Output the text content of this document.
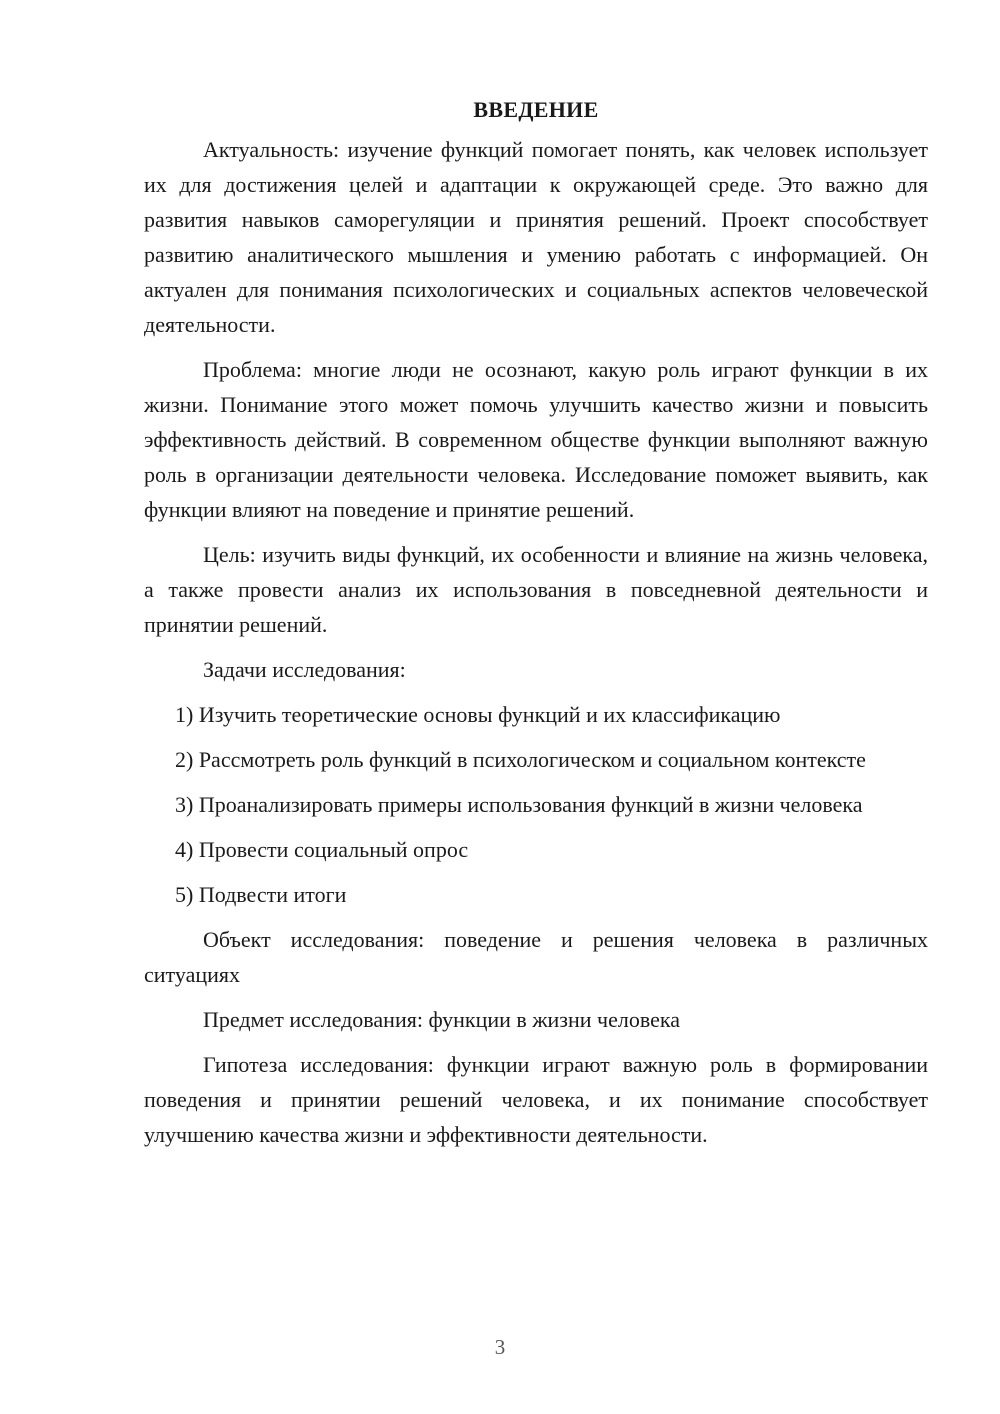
ВВЕДЕНИЕ

Актуальность: изучение функций помогает понять, как человек использует их для достижения целей и адаптации к окружающей среде. Это важно для развития навыков саморегуляции и принятия решений. Проект способствует развитию аналитического мышления и умению работать с информацией. Он актуален для понимания психологических и социальных аспектов человеческой деятельности.

Проблема: многие люди не осознают, какую роль играют функции в их жизни. Понимание этого может помочь улучшить качество жизни и повысить эффективность действий. В современном обществе функции выполняют важную роль в организации деятельности человека. Исследование поможет выявить, как функции влияют на поведение и принятие решений.

Цель: изучить виды функций, их особенности и влияние на жизнь человека, а также провести анализ их использования в повседневной деятельности и принятии решений.

Задачи исследования:

1) Изучить теоретические основы функций и их классификацию

2) Рассмотреть роль функций в психологическом и социальном контексте

3) Проанализировать примеры использования функций в жизни человека

4) Провести социальный опрос

5) Подвести итоги

Объект исследования: поведение и решения человека в различных ситуациях

Предмет исследования: функции в жизни человека

Гипотеза исследования: функции играют важную роль в формировании поведения и принятии решений человека, и их понимание способствует улучшению качества жизни и эффективности деятельности.

3
